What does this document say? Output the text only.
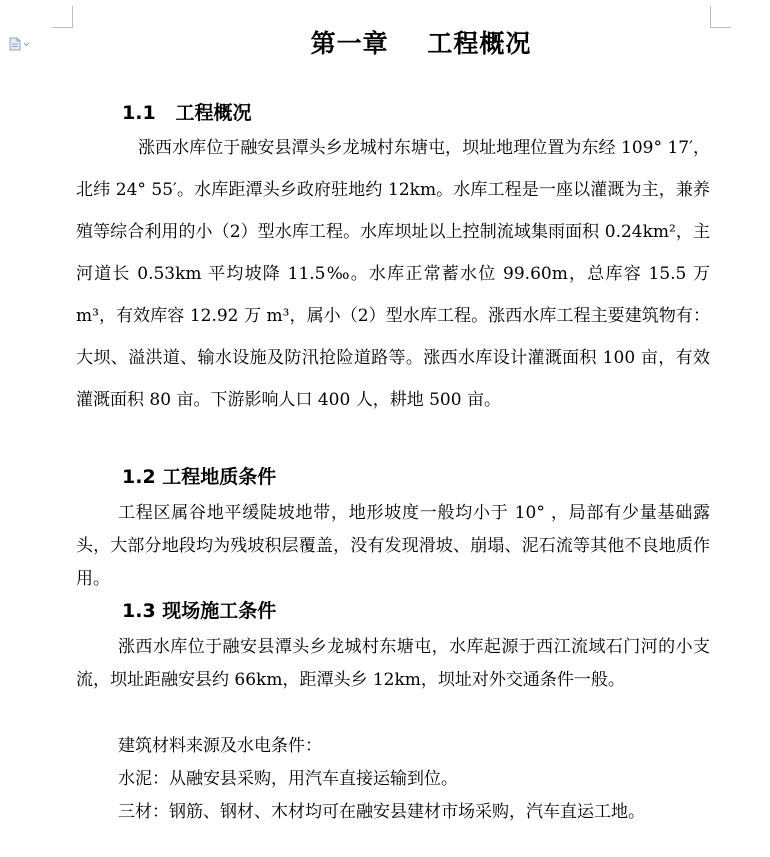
第一章 工程概况
1.1 工程概况
涨西水库位于融安县潭头乡龙城村东塘屯，坝址地理位置为东经 109° 17′，北纬 24° 55′。水库距潭头乡政府驻地约 12km。水库工程是一座以灌溉为主，兼养殖等综合利用的小（2）型水库工程。水库坝址以上控制流域集雨面积 0.24km²，主河道长 0.53km 平均坡降 11.5‰。水库正常蓄水位 99.60m，总库容 15.5 万 m³，有效库容 12.92 万 m³，属小（2）型水库工程。涨西水库工程主要建筑物有：大坝、溢洪道、输水设施及防汛抢险道路等。涨西水库设计灌溉面积 100 亩，有效灌溉面积 80 亩。下游影响人口 400 人，耕地 500 亩。
1.2 工程地质条件
工程区属谷地平缓陡坡地带，地形坡度一般均小于 10° ，局部有少量基础露头，大部分地段均为残坡积层覆盖，没有发现滑坡、崩塌、泥石流等其他不良地质作用。
1.3 现场施工条件
涨西水库位于融安县潭头乡龙城村东塘屯，水库起源于西江流域石门河的小支流，坝址距融安县约 66km，距潭头乡 12km，坝址对外交通条件一般。
建筑材料来源及水电条件：
水泥：从融安县采购，用汽车直接运输到位。
三材：钢筋、钢材、木材均可在融安县建材市场采购，汽车直运工地。
